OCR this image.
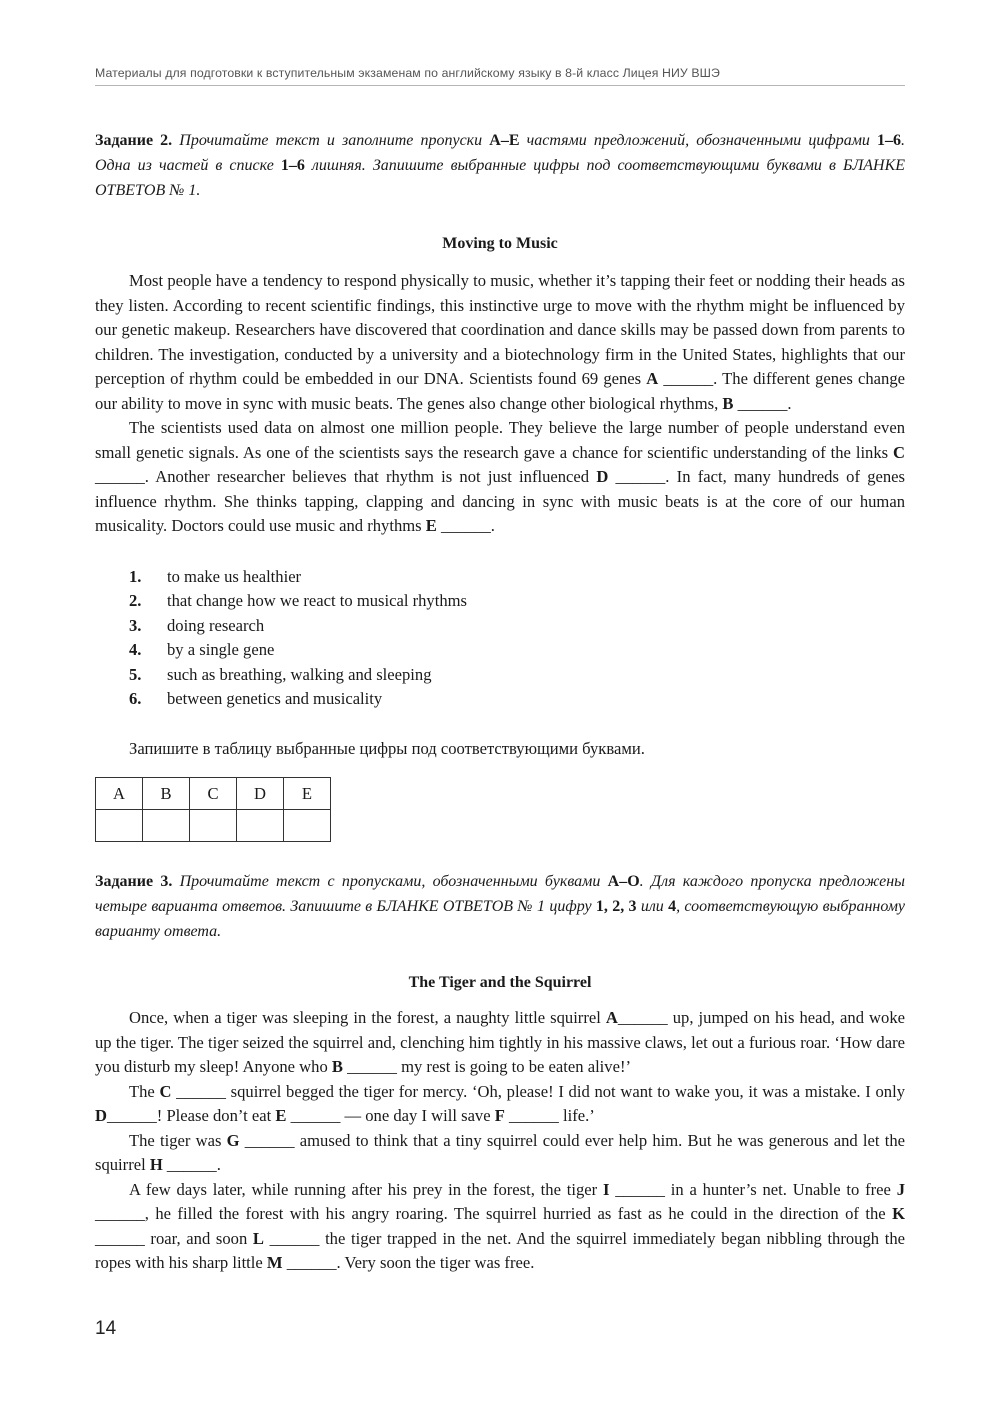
Материалы для подготовки к вступительным экзаменам по английскому языку в 8-й класс Лицея НИУ ВШЭ

Задание 2. Прочитайте текст и заполните пропуски A–E частями предложений, обозначенными цифрами 1–6. Одна из частей в списке 1–6 лишняя. Запишите выбранные цифры под соответствующими буквами в БЛАНКЕ ОТВЕТОВ № 1.

Moving to Music

Most people have a tendency to respond physically to music, whether it’s tapping their feet or nodding their heads as they listen. According to recent scientific findings, this instinctive urge to move with the rhythm might be influenced by our genetic makeup. Researchers have discovered that coordination and dance skills may be passed down from parents to children. The investigation, conducted by a university and a biotechnology firm in the United States, highlights that our perception of rhythm could be embedded in our DNA. Scientists found 69 genes A ______. The different genes change our ability to move in sync with music beats. The genes also change other biological rhythms, B ______.

The scientists used data on almost one million people. They believe the large number of people understand even small genetic signals. As one of the scientists says the research gave a chance for scientific understanding of the links C ______. Another researcher believes that rhythm is not just influenced D ______. In fact, many hundreds of genes influence rhythm. She thinks tapping, clapping and dancing in sync with music beats is at the core of our human musicality. Doctors could use music and rhythms E ______.

1.	to make us healthier
2.	that change how we react to musical rhythms
3.	doing research
4.	by a single gene
5.	such as breathing, walking and sleeping
6.	between genetics and musicality

Запишите в таблицу выбранные цифры под соответствующими буквами.

A	B	C	D	E

Задание 3. Прочитайте текст с пропусками, обозначенными буквами A–O. Для каждого пропуска предложены четыре варианта ответов. Запишите в БЛАНКЕ ОТВЕТОВ № 1 цифру 1, 2, 3 или 4, соответствующую выбранному варианту ответа.

The Tiger and the Squirrel

Once, when a tiger was sleeping in the forest, a naughty little squirrel A______ up, jumped on his head, and woke up the tiger. The tiger seized the squirrel and, clenching him tightly in his massive claws, let out a furious roar. ‘How dare you disturb my sleep! Anyone who B ______ my rest is going to be eaten alive!’

The C ______ squirrel begged the tiger for mercy. ‘Oh, please! I did not want to wake you, it was a mistake. I only D______! Please don’t eat E ______ — one day I will save F ______ life.’

The tiger was G ______ amused to think that a tiny squirrel could ever help him. But he was generous and let the squirrel H ______.

A few days later, while running after his prey in the forest, the tiger I ______ in a hunter’s net. Unable to free J ______, he filled the forest with his angry roaring. The squirrel hurried as fast as he could in the direction of the K ______ roar, and soon L ______ the tiger trapped in the net. And the squirrel immediately began nibbling through the ropes with his sharp little M ______. Very soon the tiger was free.

14
